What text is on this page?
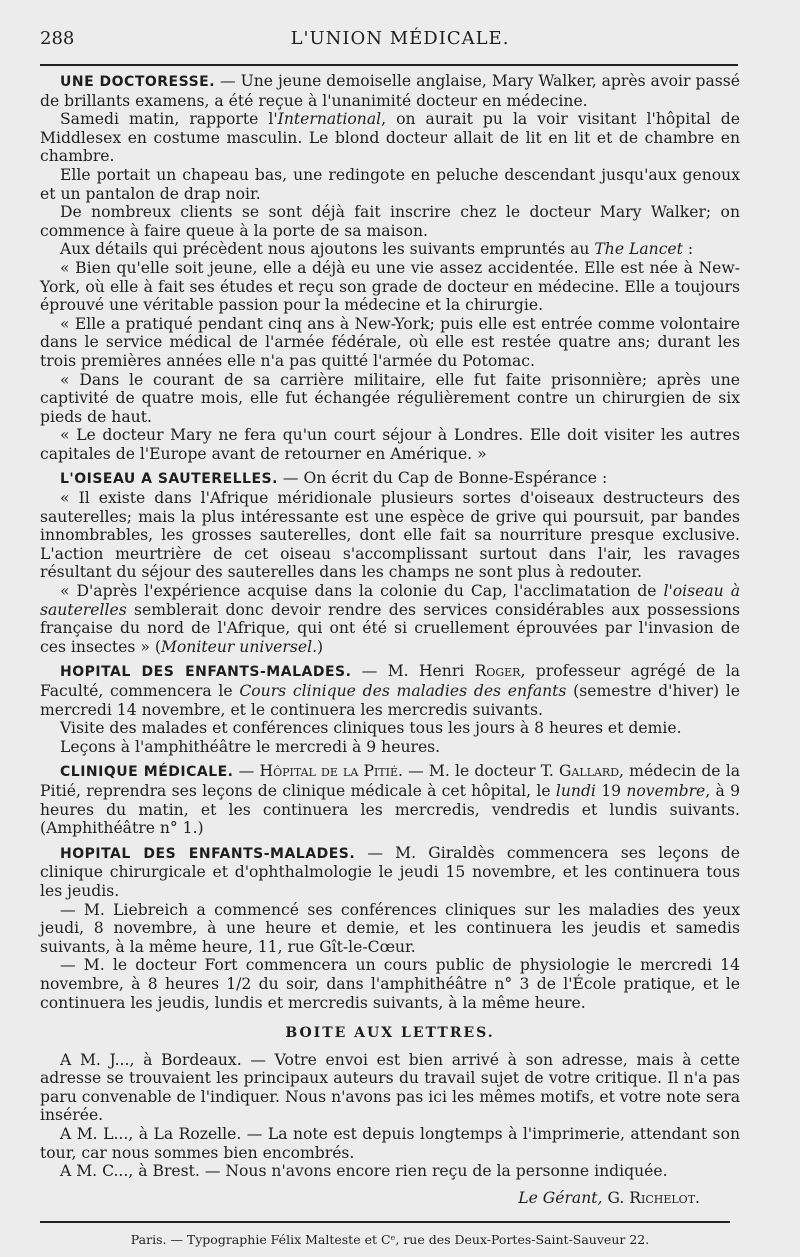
288	L'UNION MÉDICALE.

UNE DOCTORESSE. — Une jeune demoiselle anglaise, Mary Walker, après avoir passé de brillants examens, a été reçue à l'unanimité docteur en médecine.

Samedi matin, rapporte l'International, on aurait pu la voir visitant l'hôpital de Middlesex en costume masculin. Le blond docteur allait de lit en lit et de chambre en chambre.

Elle portait un chapeau bas, une redingote en peluche descendant jusqu'aux genoux et un pantalon de drap noir.

De nombreux clients se sont déjà fait inscrire chez le docteur Mary Walker; on commence à faire queue à la porte de sa maison.

Aux détails qui précèdent nous ajoutons les suivants empruntés au The Lancet :

« Bien qu'elle soit jeune, elle a déjà eu une vie assez accidentée. Elle est née à New-York, où elle à fait ses études et reçu son grade de docteur en médecine. Elle a toujours éprouvé une véritable passion pour la médecine et la chirurgie.

« Elle a pratiqué pendant cinq ans à New-York; puis elle est entrée comme volontaire dans le service médical de l'armée fédérale, où elle est restée quatre ans; durant les trois premières années elle n'a pas quitté l'armée du Potomac.

« Dans le courant de sa carrière militaire, elle fut faite prisonnière; après une captivité de quatre mois, elle fut échangée régulièrement contre un chirurgien de six pieds de haut.

« Le docteur Mary ne fera qu'un court séjour à Londres. Elle doit visiter les autres capitales de l'Europe avant de retourner en Amérique. »

L'OISEAU A SAUTERELLES. — On écrit du Cap de Bonne-Espérance :

« Il existe dans l'Afrique méridionale plusieurs sortes d'oiseaux destructeurs des sauterelles; mais la plus intéressante est une espèce de grive qui poursuit, par bandes innombrables, les grosses sauterelles, dont elle fait sa nourriture presque exclusive. L'action meurtrière de cet oiseau s'accomplissant surtout dans l'air, les ravages résultant du séjour des sauterelles dans les champs ne sont plus à redouter.

« D'après l'expérience acquise dans la colonie du Cap, l'acclimatation de l'oiseau à sauterelles semblerait donc devoir rendre des services considérables aux possessions française du nord de l'Afrique, qui ont été si cruellement éprouvées par l'invasion de ces insectes » (Moniteur universel.)

HOPITAL DES ENFANTS-MALADES. — M. Henri Roger, professeur agrégé de la Faculté, commencera le Cours clinique des maladies des enfants (semestre d'hiver) le mercredi 14 novembre, et le continuera les mercredis suivants.

Visite des malades et conférences cliniques tous les jours à 8 heures et demie.

Leçons à l'amphithéâtre le mercredi à 9 heures.

CLINIQUE MÉDICALE. — Hôpital de la Pitié. — M. le docteur T. Gallard, médecin de la Pitié, reprendra ses leçons de clinique médicale à cet hôpital, le lundi 19 novembre, à 9 heures du matin, et les continuera les mercredis, vendredis et lundis suivants. (Amphithéâtre n° 1.)

HOPITAL DES ENFANTS-MALADES. — M. Giraldès commencera ses leçons de clinique chirurgicale et d'ophthalmologie le jeudi 15 novembre, et les continuera tous les jeudis.

— M. Liebreich a commencé ses conférences cliniques sur les maladies des yeux jeudi, 8 novembre, à une heure et demie, et les continuera les jeudis et samedis suivants, à la même heure, 11, rue Gît-le-Cœur.

— M. le docteur Fort commencera un cours public de physiologie le mercredi 14 novembre, à 8 heures 1/2 du soir, dans l'amphithéâtre n° 3 de l'École pratique, et le continuera les jeudis, lundis et mercredis suivants, à la même heure.

BOITE AUX LETTRES.

A M. J..., à Bordeaux. — Votre envoi est bien arrivé à son adresse, mais à cette adresse se trouvaient les principaux auteurs du travail sujet de votre critique. Il n'a pas paru convenable de l'indiquer. Nous n'avons pas ici les mêmes motifs, et votre note sera insérée.

A M. L..., à La Rozelle. — La note est depuis longtemps à l'imprimerie, attendant son tour, car nous sommes bien encombrés.

A M. C..., à Brest. — Nous n'avons encore rien reçu de la personne indiquée.

Le Gérant, G. Richelot.
Paris. — Typographie Félix Malteste et Cᵉ, rue des Deux-Portes-Saint-Sauveur 22.
